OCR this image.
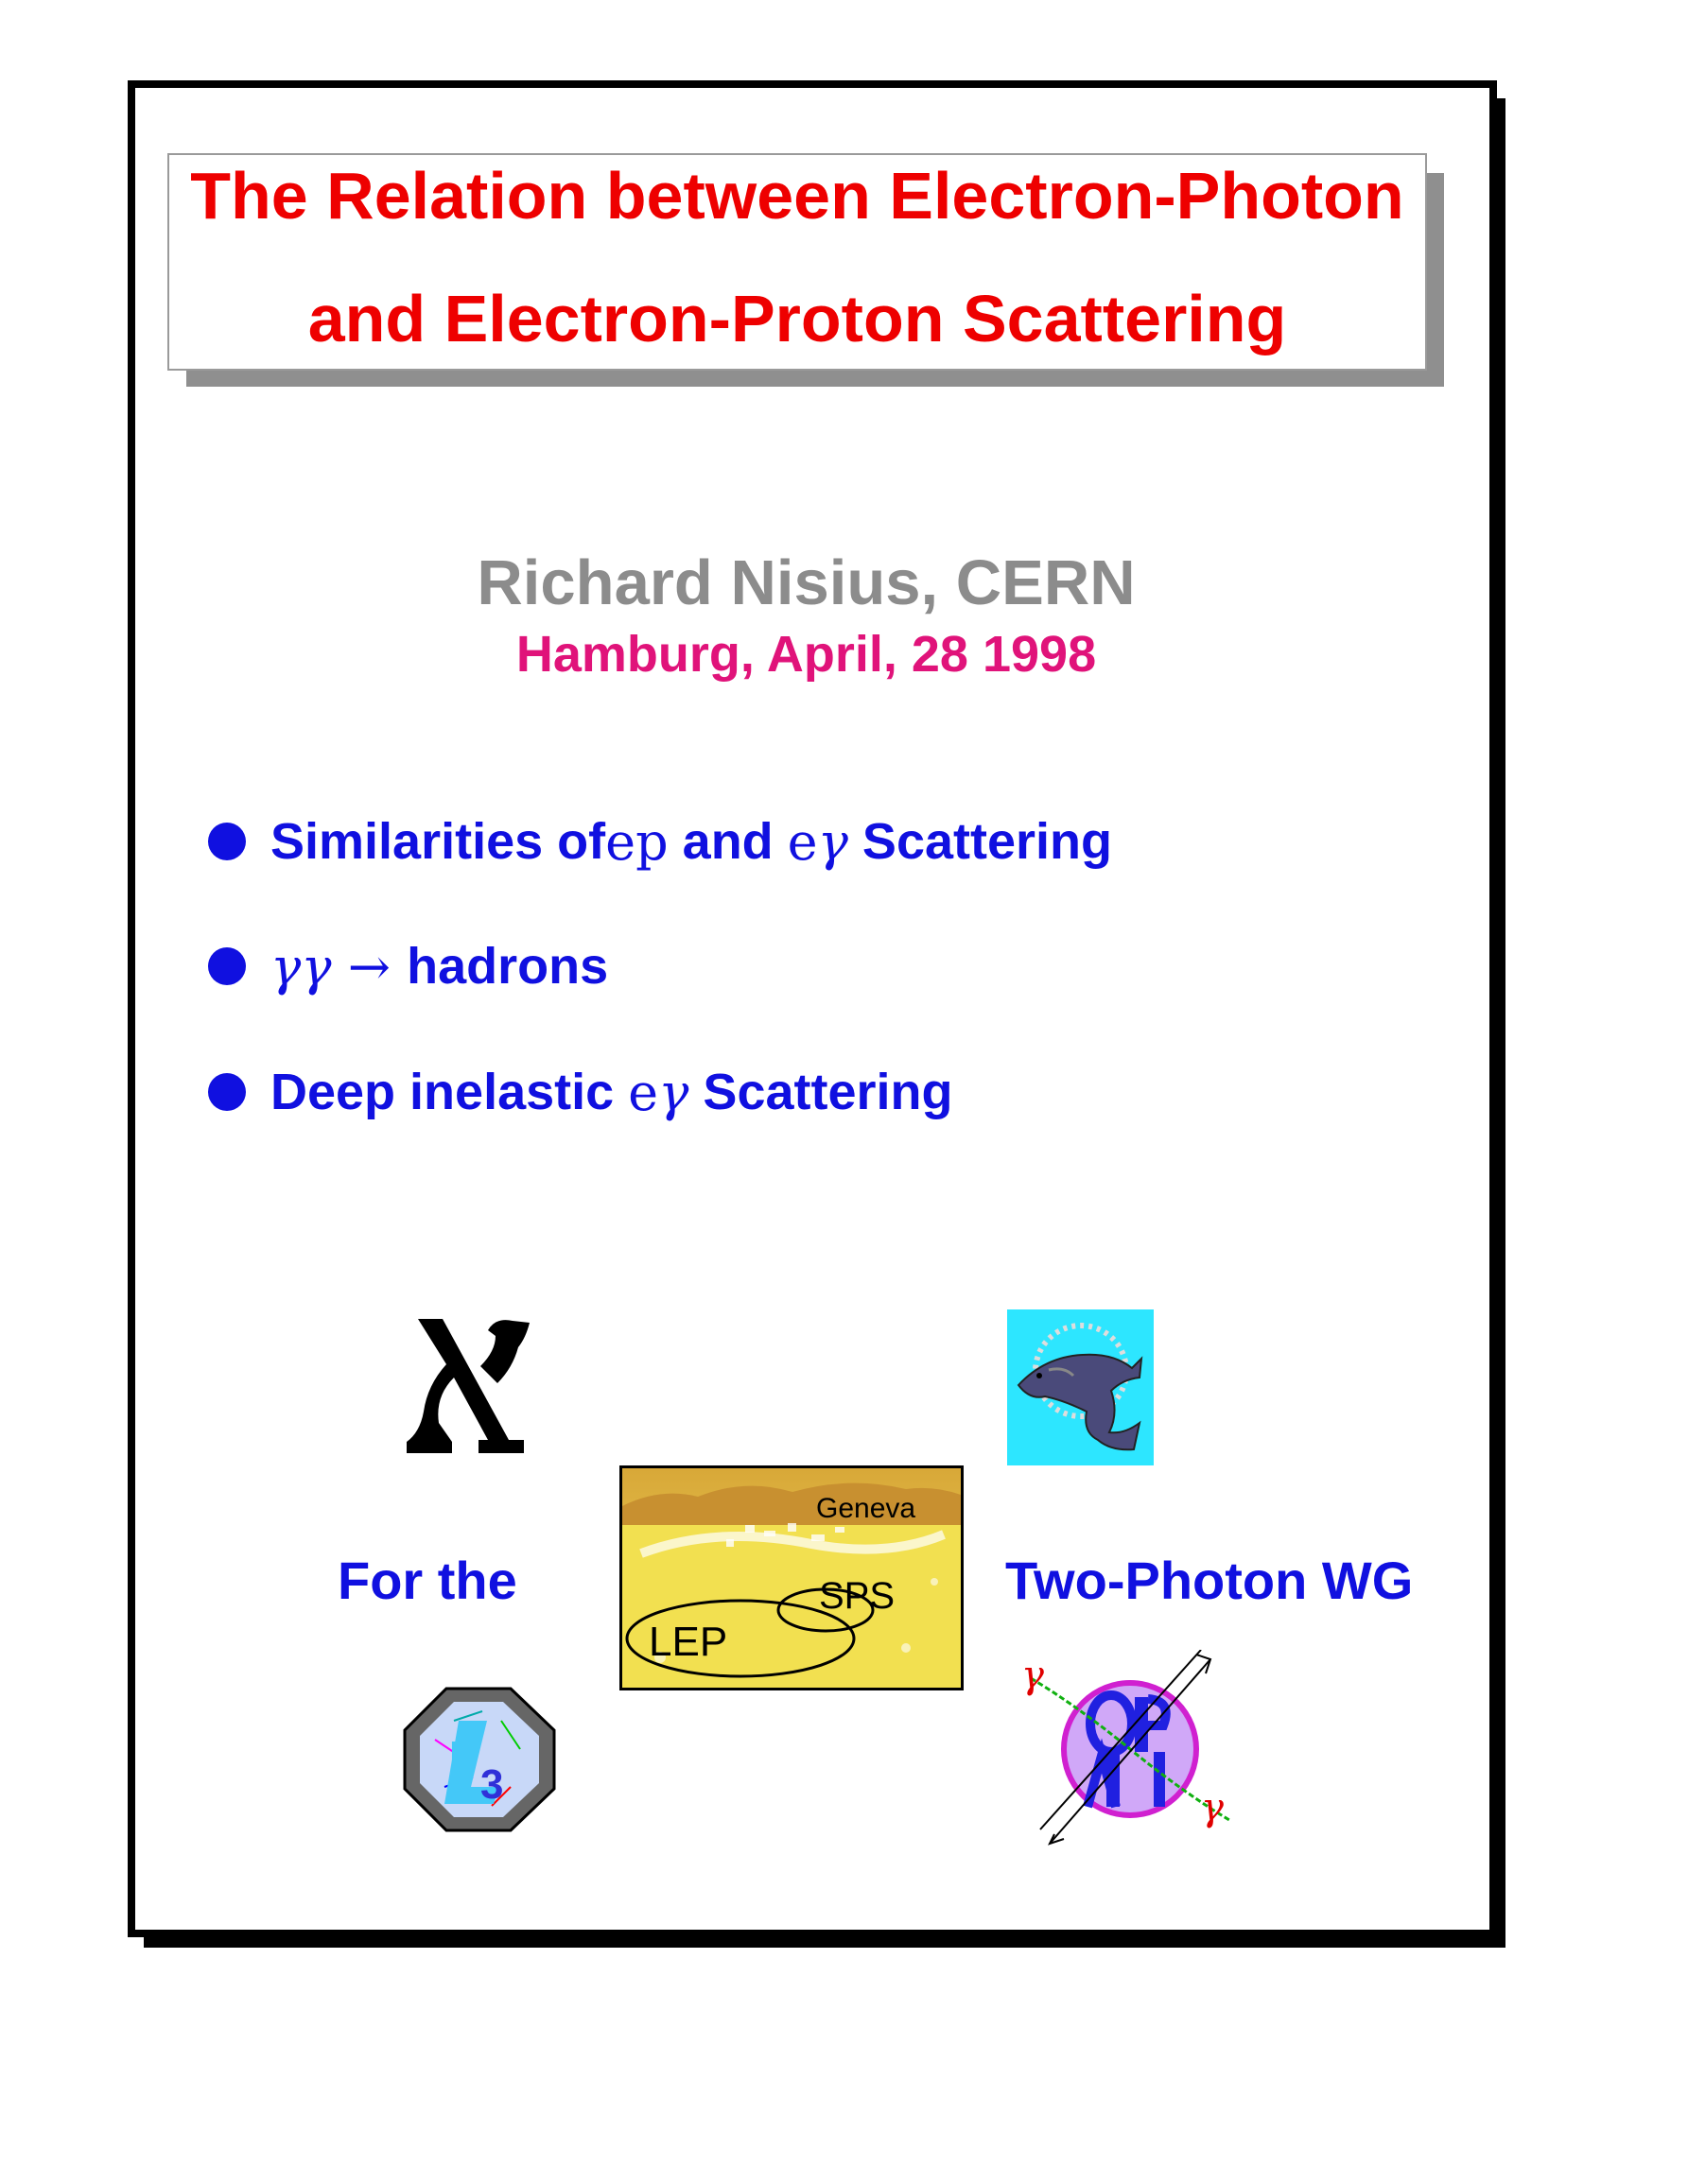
The Relation between Electron-Photon
and Electron-Proton Scattering
Richard Nisius, CERN
Hamburg, April, 28 1998
Similarities of ep and e γ Scattering
γγ → hadrons
Deep inelastic e γ Scattering
Geneva
SPS
LEP
3
L
γ
γ
For the	Two-Photon WG
